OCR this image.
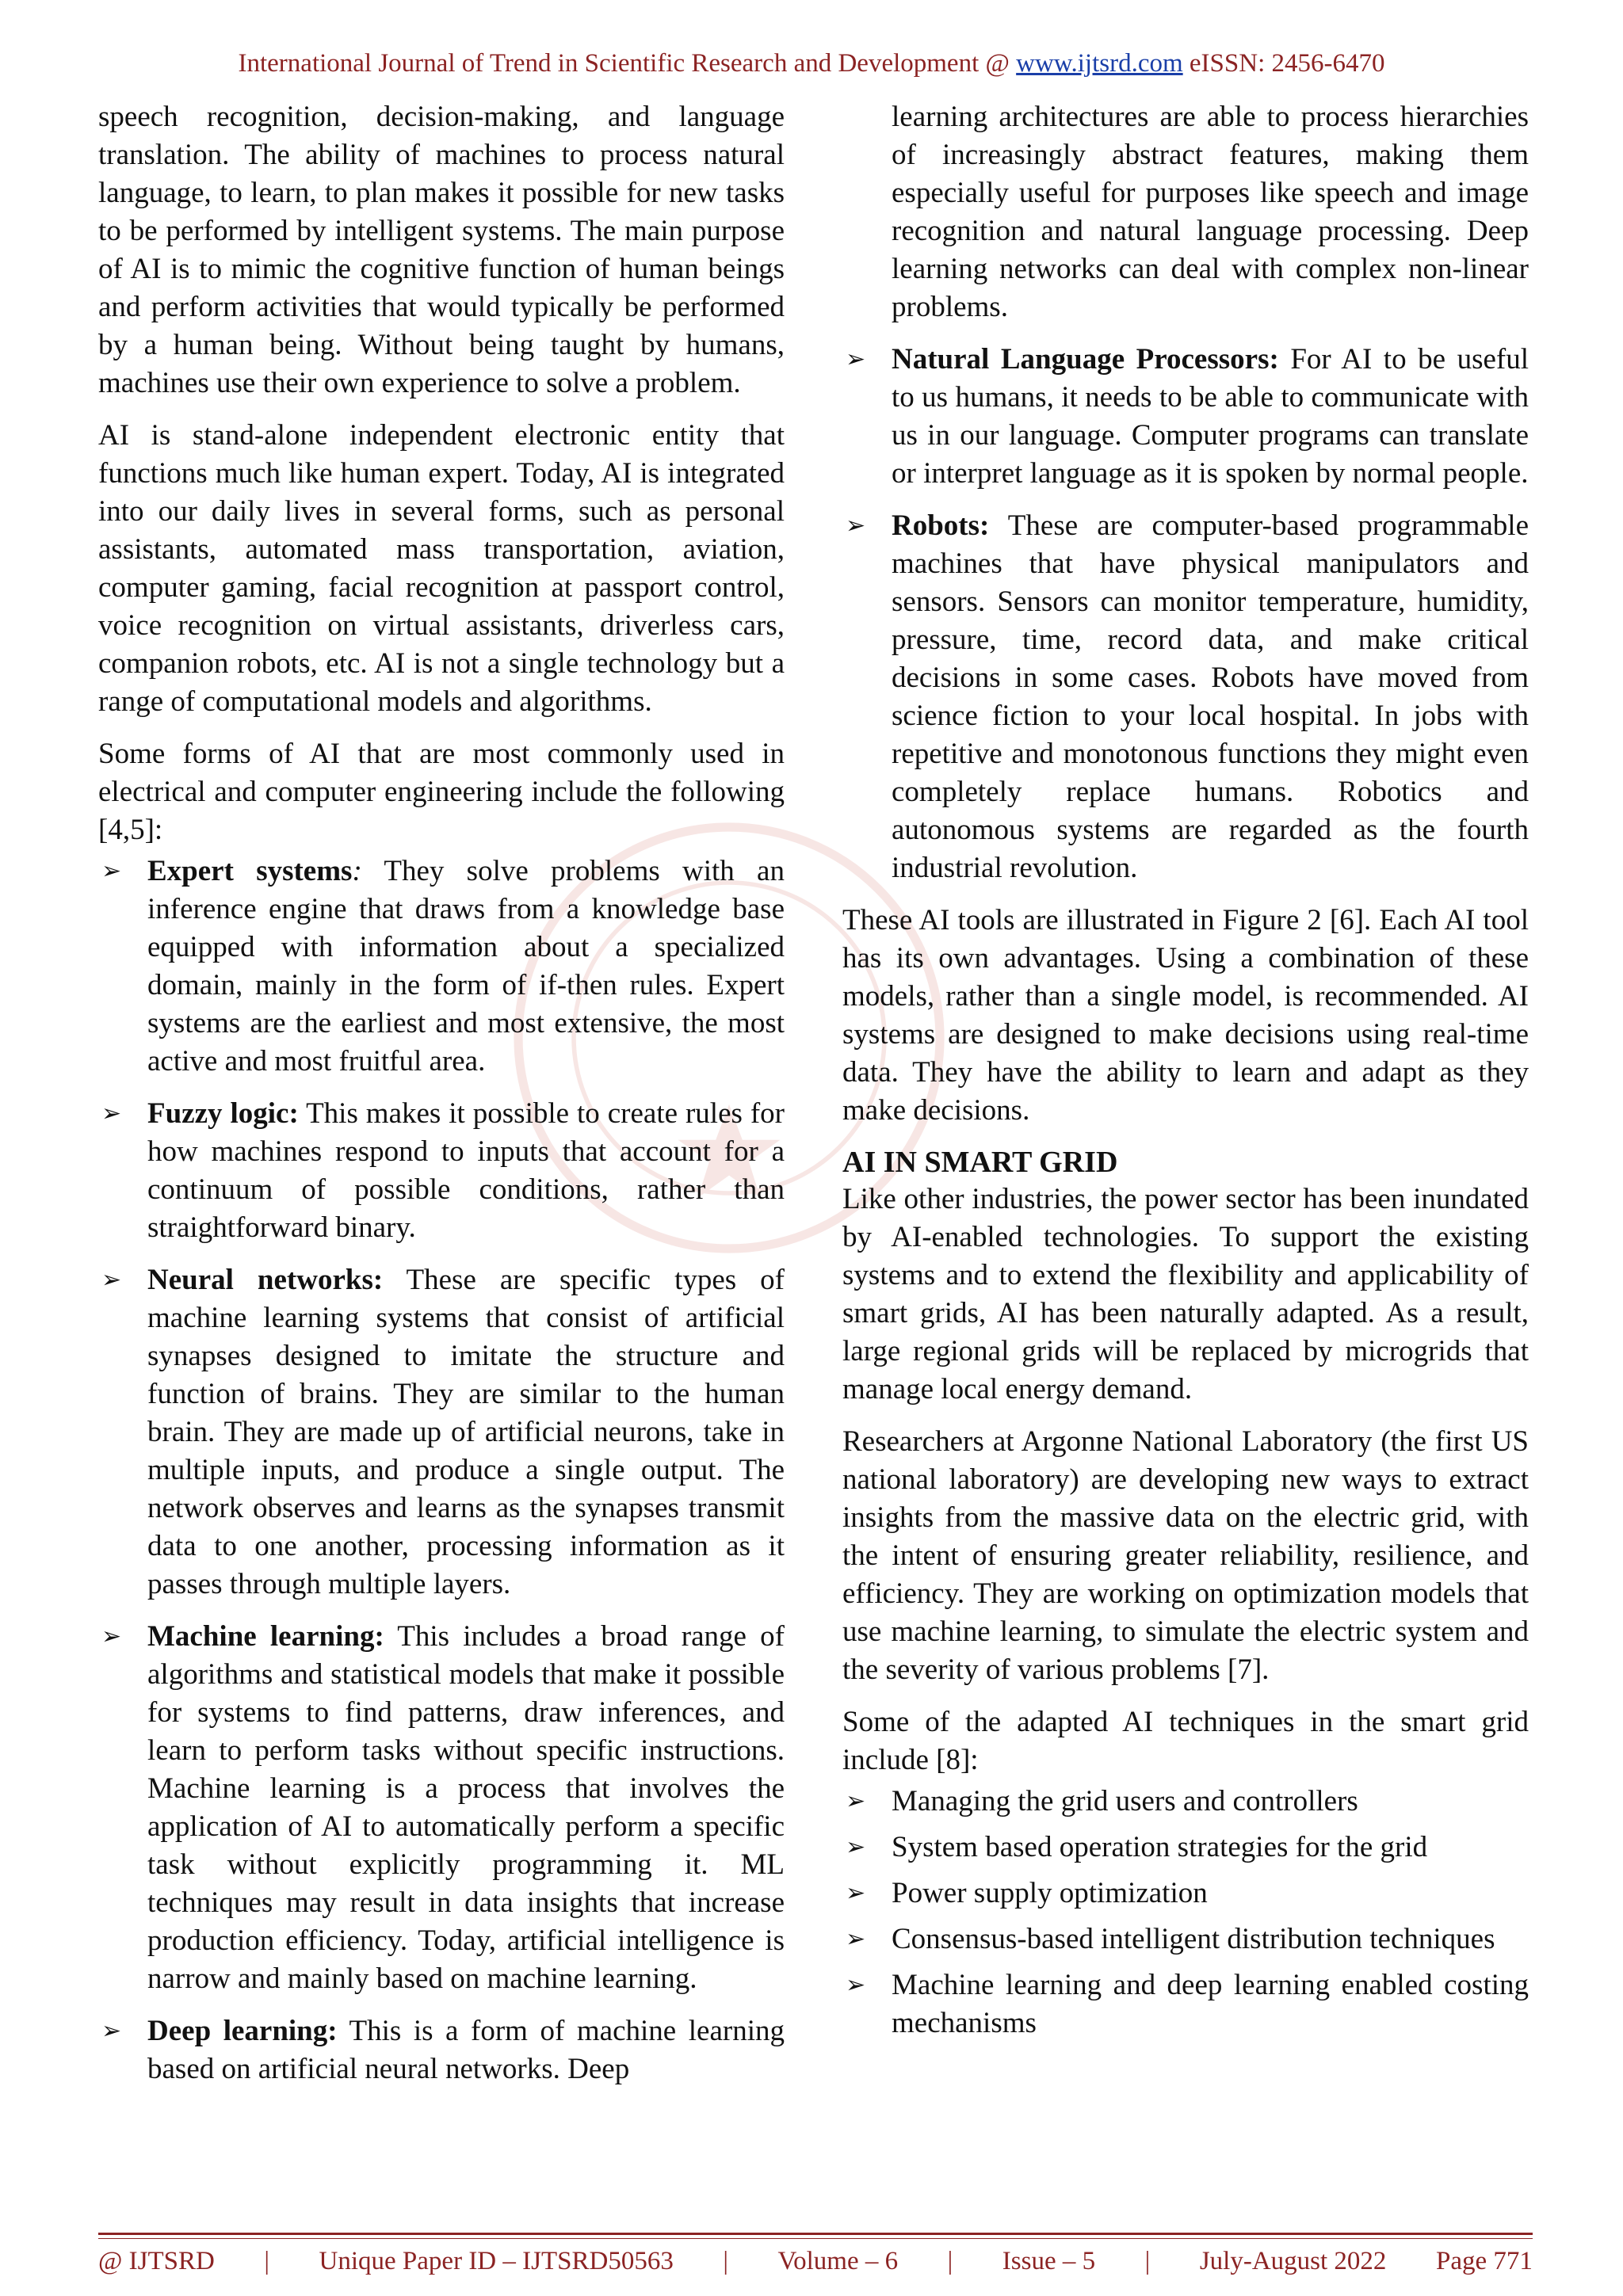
International Journal of Trend in Scientific Research and Development @ www.ijtsrd.com eISSN: 2456-6470

speech recognition, decision-making, and language translation. The ability of machines to process natural language, to learn, to plan makes it possible for new tasks to be performed by intelligent systems. The main purpose of AI is to mimic the cognitive function of human beings and perform activities that would typically be performed by a human being. Without being taught by humans, machines use their own experience to solve a problem.

AI is stand-alone independent electronic entity that functions much like human expert. Today, AI is integrated into our daily lives in several forms, such as personal assistants, automated mass transportation, aviation, computer gaming, facial recognition at passport control, voice recognition on virtual assistants, driverless cars, companion robots, etc. AI is not a single technology but a range of computational models and algorithms.

Some forms of AI that are most commonly used in electrical and computer engineering include the following [4,5]:

➢ Expert systems: They solve problems with an inference engine that draws from a knowledge base equipped with information about a specialized domain, mainly in the form of if-then rules. Expert systems are the earliest and most extensive, the most active and most fruitful area.
➢ Fuzzy logic: This makes it possible to create rules for how machines respond to inputs that account for a continuum of possible conditions, rather than straightforward binary.
➢ Neural networks: These are specific types of machine learning systems that consist of artificial synapses designed to imitate the structure and function of brains. They are similar to the human brain. They are made up of artificial neurons, take in multiple inputs, and produce a single output. The network observes and learns as the synapses transmit data to one another, processing information as it passes through multiple layers.
➢ Machine learning: This includes a broad range of algorithms and statistical models that make it possible for systems to find patterns, draw inferences, and learn to perform tasks without specific instructions. Machine learning is a process that involves the application of AI to automatically perform a specific task without explicitly programming it. ML techniques may result in data insights that increase production efficiency. Today, artificial intelligence is narrow and mainly based on machine learning.
➢ Deep learning: This is a form of machine learning based on artificial neural networks. Deep

learning architectures are able to process hierarchies of increasingly abstract features, making them especially useful for purposes like speech and image recognition and natural language processing. Deep learning networks can deal with complex non-linear problems.

➢ Natural Language Processors: For AI to be useful to us humans, it needs to be able to communicate with us in our language. Computer programs can translate or interpret language as it is spoken by normal people.
➢ Robots: These are computer-based programmable machines that have physical manipulators and sensors. Sensors can monitor temperature, humidity, pressure, time, record data, and make critical decisions in some cases. Robots have moved from science fiction to your local hospital. In jobs with repetitive and monotonous functions they might even completely replace humans. Robotics and autonomous systems are regarded as the fourth industrial revolution.

These AI tools are illustrated in Figure 2 [6]. Each AI tool has its own advantages. Using a combination of these models, rather than a single model, is recommended. AI systems are designed to make decisions using real-time data. They have the ability to learn and adapt as they make decisions.

AI IN SMART GRID

Like other industries, the power sector has been inundated by AI-enabled technologies. To support the existing systems and to extend the flexibility and applicability of smart grids, AI has been naturally adapted. As a result, large regional grids will be replaced by microgrids that manage local energy demand.

Researchers at Argonne National Laboratory (the first US national laboratory) are developing new ways to extract insights from the massive data on the electric grid, with the intent of ensuring greater reliability, resilience, and efficiency. They are working on optimization models that use machine learning, to simulate the electric system and the severity of various problems [7].

Some of the adapted AI techniques in the smart grid include [8]:

➢ Managing the grid users and controllers
➢ System based operation strategies for the grid
➢ Power supply optimization
➢ Consensus-based intelligent distribution techniques
➢ Machine learning and deep learning enabled costing mechanisms
@ IJTSRD | Unique Paper ID – IJTSRD50563 | Volume – 6 | Issue – 5 | July-August 2022 Page 771
